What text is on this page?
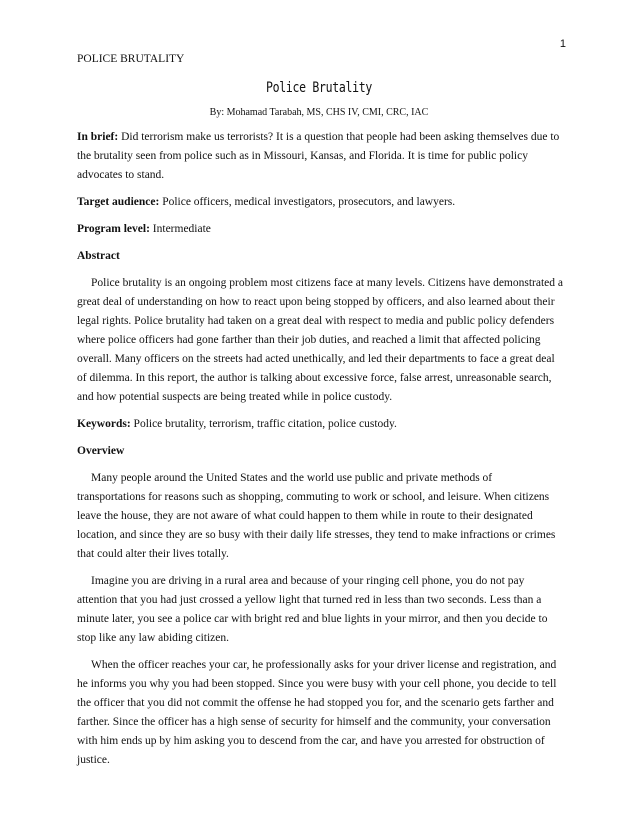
1
POLICE BRUTALITY
Police Brutality
By: Mohamad Tarabah, MS, CHS IV, CMI, CRC, IAC

In brief: Did terrorism make us terrorists? It is a question that people had been asking themselves due to the brutality seen from police such as in Missouri, Kansas, and Florida. It is time for public policy advocates to stand.

Target audience: Police officers, medical investigators, prosecutors, and lawyers.

Program level: Intermediate

Abstract

Police brutality is an ongoing problem most citizens face at many levels. Citizens have demonstrated a great deal of understanding on how to react upon being stopped by officers, and also learned about their legal rights. Police brutality had taken on a great deal with respect to media and public policy defenders where police officers had gone farther than their job duties, and reached a limit that affected policing overall. Many officers on the streets had acted unethically, and led their departments to face a great deal of dilemma. In this report, the author is talking about excessive force, false arrest, unreasonable search, and how potential suspects are being treated while in police custody.

Keywords: Police brutality, terrorism, traffic citation, police custody.

Overview

Many people around the United States and the world use public and private methods of transportations for reasons such as shopping, commuting to work or school, and leisure. When citizens leave the house, they are not aware of what could happen to them while in route to their designated location, and since they are so busy with their daily life stresses, they tend to make infractions or crimes that could alter their lives totally.

Imagine you are driving in a rural area and because of your ringing cell phone, you do not pay attention that you had just crossed a yellow light that turned red in less than two seconds. Less than a minute later, you see a police car with bright red and blue lights in your mirror, and then you decide to stop like any law abiding citizen.

When the officer reaches your car, he professionally asks for your driver license and registration, and he informs you why you had been stopped. Since you were busy with your cell phone, you decide to tell the officer that you did not commit the offense he had stopped you for, and the scenario gets farther and farther. Since the officer has a high sense of security for himself and the community, your conversation with him ends up by him asking you to descend from the car, and have you arrested for obstruction of justice.
